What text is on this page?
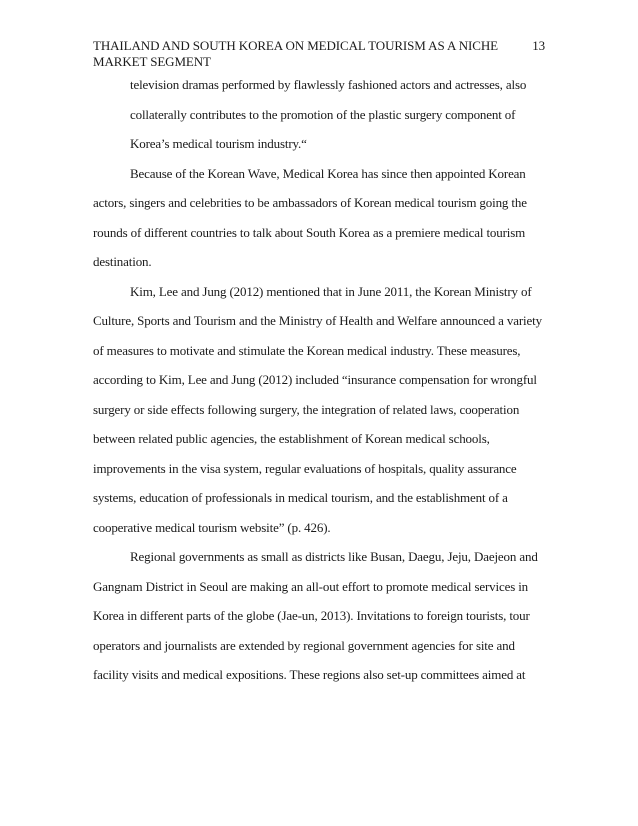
THAILAND AND SOUTH KOREA ON MEDICAL TOURISM AS A NICHE
MARKET SEGMENT
13
television dramas performed by flawlessly fashioned actors and actresses, also
collaterally contributes to the promotion of the plastic surgery component of
Korea’s medical tourism industry.“
Because of the Korean Wave, Medical Korea has since then appointed Korean
actors, singers and celebrities to be ambassadors of Korean medical tourism going the
rounds of different countries to talk about South Korea as a premiere medical tourism
destination.
Kim, Lee and Jung (2012) mentioned that in June 2011, the Korean Ministry of
Culture, Sports and Tourism and the Ministry of Health and Welfare announced a variety
of measures to motivate and stimulate the Korean medical industry. These measures,
according to Kim, Lee and Jung (2012) included “insurance compensation for wrongful
surgery or side effects following surgery, the integration of related laws, cooperation
between related public agencies, the establishment of Korean medical schools,
improvements in the visa system, regular evaluations of hospitals, quality assurance
systems, education of professionals in medical tourism, and the establishment of a
cooperative medical tourism website” (p. 426).
Regional governments as small as districts like Busan, Daegu, Jeju, Daejeon and
Gangnam District in Seoul are making an all-out effort to promote medical services in
Korea in different parts of the globe (Jae-un, 2013). Invitations to foreign tourists, tour
operators and journalists are extended by regional government agencies for site and
facility visits and medical expositions. These regions also set-up committees aimed at
